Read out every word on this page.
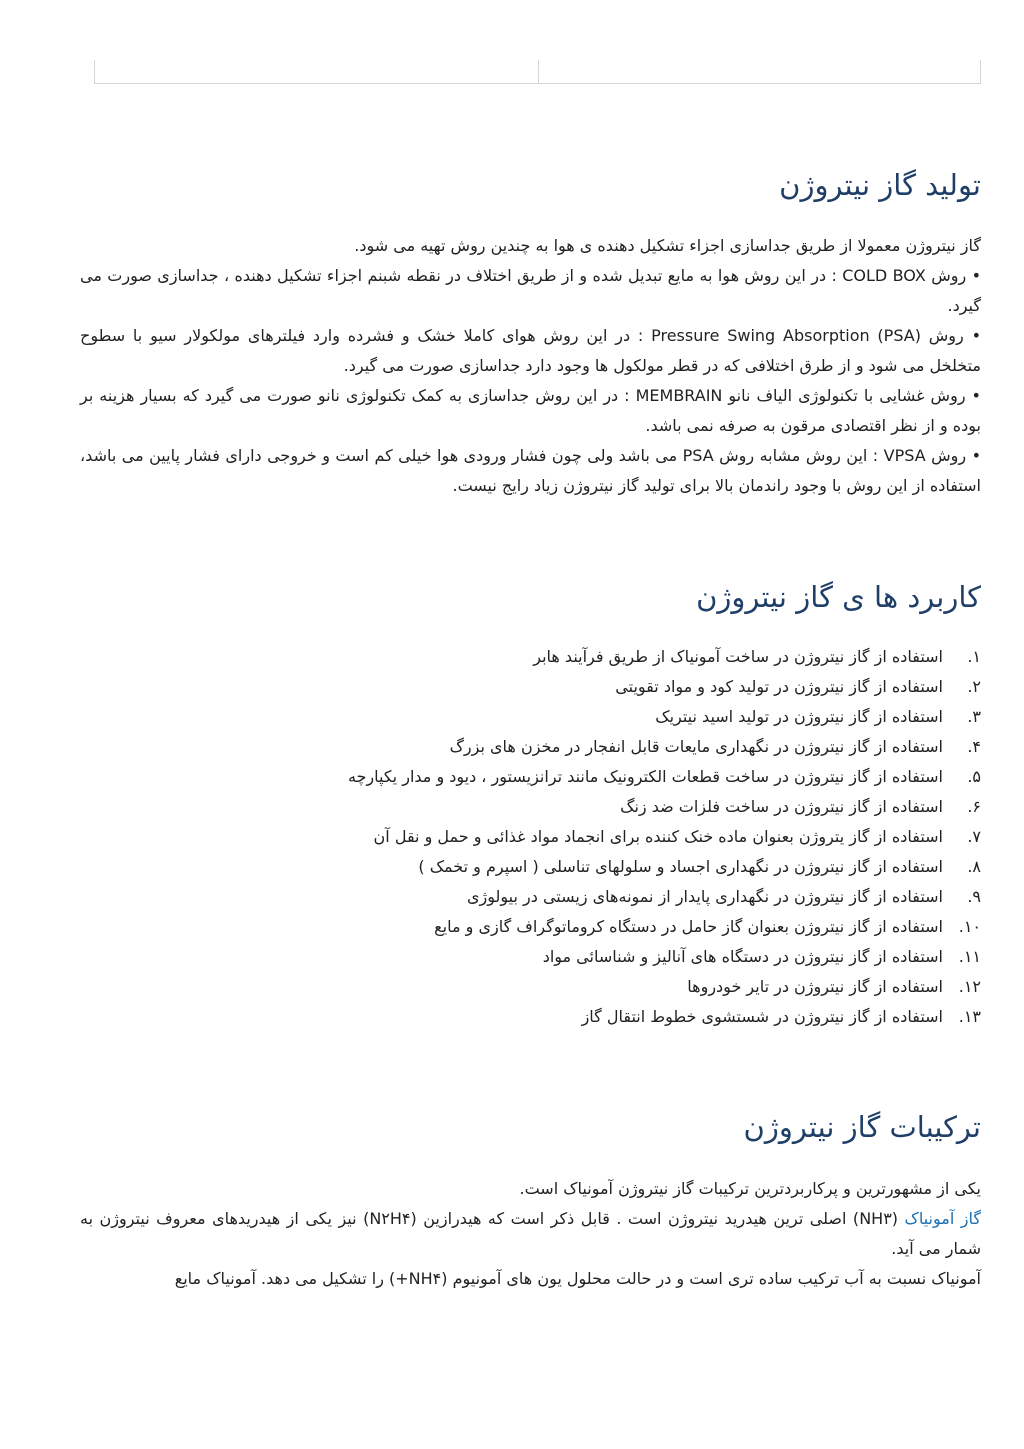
تولید گاز نیتروژن

گاز نیتروژن معمولا از طریق جداسازی اجزاء تشکیل دهنده ی هوا به چندین روش تهیه می شود.

• روش COLD BOX : در این روش هوا به مایع تبدیل شده و از طریق اختلاف در نقطه شبنم اجزاء تشکیل دهنده ، جداسازی صورت می گیرد.

• روش Pressure Swing Absorption (PSA) : در این روش هوای کاملا خشک و فشرده وارد فیلترهای مولکولار سیو با سطوح متخلخل می شود و از طرق اختلافی که در قطر مولکول ها وجود دارد جداسازی صورت می گیرد.

• روش غشایی با تکنولوژی الیاف نانو MEMBRAIN : در این روش جداسازی به کمک تکنولوژی نانو صورت می گیرد که بسیار هزینه بر بوده و از نظر اقتصادی مرقون به صرفه نمی باشد.

• روش VPSA : این روش مشابه روش PSA می باشد ولی چون فشار ورودی هوا خیلی کم است و خروجی دارای فشار پایین می باشد، استفاده از این روش با وجود راندمان بالا برای تولید گاز نیتروژن زیاد رایج نیست.

کاربرد ها ی گاز نیتروژن
۱.
استفاده از گاز نیتروژن در ساخت آمونیاک از طریق فرآیند هابر
۲.
استفاده از گاز نیتروژن در تولید کود و مواد تقویتی
۳.
استفاده از گاز نیتروژن در تولید اسید نیتریک
۴.
استفاده از گاز نیتروژن در نگهداری مایعات قابل انفجار در مخزن های بزرگ
۵.
استفاده از گاز نیتروژن در ساخت قطعات الکترونیک مانند ترانزیستور ، دیود و مدار یکپارچه
۶.
استفاده از گاز نیتروژن در ساخت فلزات ضد زنگ
۷.
استفاده از گاز یتروژن بعنوان ماده خنک کننده برای انجماد مواد غذائی و حمل و نقل آن
۸.
استفاده از گاز نیتروژن در نگهداری اجساد و سلولهای تناسلی ( اسپرم و تخمک )
۹.
استفاده از گاز نیتروژن در نگهداری پایدار از نمونه‌های زیستی در بیولوژی
۱۰.
استفاده از گاز نیتروژن بعنوان گاز حامل در دستگاه کروماتوگراف گازی و مایع
۱۱.
استفاده از گاز نیتروژن در دستگاه های آنالیز و شناسائی مواد
۱۲.
استفاده از گاز نیتروژن در تایر خودروها
۱۳.
استفاده از گاز نیتروژن در شستشوی خطوط انتقال گاز
ترکیبات گاز نیتروژن

یکی از مشهورترین و پرکاربردترین ترکیبات گاز نیتروژن آمونیاک است.

گاز آمونیاک (NH۳) اصلی ترین هیدرید نیتروژن است . قابل ذکر است که هیدرازین (N۲H۴) نیز یکی از هیدریدهای معروف نیتروژن به شمار می آید.

آمونیاک نسبت به آب ترکیب ساده تری است و در حالت محلول یون های آمونیوم (NH۴+) را تشکیل می دهد. آمونیاک مایع
